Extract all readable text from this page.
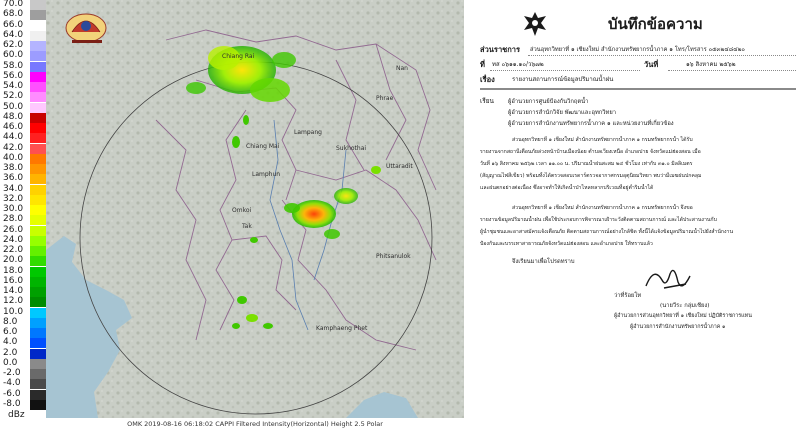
70.0
68.0
66.0
64.0
62.0
60.0
58.0
56.0
54.0
52.0
50.0
48.0
46.0
44.0
42.0
40.0
38.0
36.0
34.0
32.0
30.0
28.0
26.0
24.0
22.0
20.0
18.0
16.0
14.0
12.0
10.0
8.0
6.0
4.0
2.0
0.0
-2.0
-4.0
-6.0
-8.0
dBz
Chiang Rai
Chiang Mai
Lampang
Lamphun
Phrae
Nan
Tak
Uttaradit
Phitsanulok
Sukhothai
Kamphaeng Phet
Omkoi
OMK 2019-08-16 06:18:02 CAPPI Filtered Intensity(Horizontal) Height 2.5 Polar
บันทึกข้อความ
ส่วนราชการ ส่วนอุทกวิทยาที่ ๑ เชียงใหม่ สำนักงานทรัพยากรน้ำภาค ๑ โทร/โทรสาร ๐๕๓๒๔๘๔๒๐
ที่ ทส ๐๖๑๑.๑๐/ว๖๗๒	วันที่	๑๖ สิงหาคม ๒๕๖๒
เรื่อง	รายงานสถานการณ์ข้อมูลปริมาณน้ำฝน
เรียน ผู้อำนวยการศูนย์ป้องกันวิกฤตน้ำ
ผู้อำนวยการสำนักวิจัย พัฒนาและอุทกวิทยา
ผู้อำนวยการสำนักงานทรัพยากรน้ำภาค ๑ และหน่วยงานที่เกี่ยวข้อง
ส่วนอุทกวิทยาที่ ๑ เชียงใหม่ สำนักงานทรัพยากรน้ำภาค ๑ กรมทรัพยากรน้ำ ได้รับ
รายงานจากสถานีเตือนภัยล่วงหน้าบ้านเมืองน้อย ตำบลเวียงเหนือ อำเภอปาย จังหวัดแม่ฮ่องสอน เมื่อ
วันที่ ๑๖ สิงหาคม ๒๕๖๒ เวลา ๑๑.๐๐ น. ปริมาณน้ำฝนสะสม ๒๔ ชั่วโมง เท่ากับ ๓๑.๐ มิลลิเมตร
(สัญญาณไฟสีเขียว) พร้อมทั้งได้ตรวจสอบเรดาร์ตรวจอากาศกรมอุตุนิยมวิทยา พบว่ามีเมฆฝนปกคลุม
และฝนตกอย่างต่อเนื่อง ซึ่งอาจทำให้เกิดน้ำป่าไหลหลากบริเวณที่อยู่ต่ำริมน้ำได้
ส่วนอุทกวิทยาที่ ๑ เชียงใหม่ สำนักงานทรัพยากรน้ำภาค ๑ กรมทรัพยากรน้ำ จึงขอ
รายงานข้อมูลปริมาณน้ำฝน เพื่อใช้ประกอบการพิจารณาเฝ้าระวังติดตามสถานการณ์ และได้ประสานงานกับ
ผู้นำชุมชนและอาสาสมัครแจ้งเตือนภัย ติดตามสถานการณ์อย่างใกล้ชิด ทั้งนี้ได้แจ้งข้อมูลปริมาณน้ำไปยังสำนักงาน
ป้องกันและบรรเทาสาธารณภัยจังหวัดแม่ฮ่องสอน และอำเภอปาย ให้ทราบแล้ว
จึงเรียนมาเพื่อโปรดทราบ
ว่าที่ร้อยโท
(นายวีระ กลุ่มเชียง)
ผู้อำนวยการส่วนอุทกวิทยาที่ ๑ เชียงใหม่ ปฏิบัติราชการแทน
ผู้อำนวยการสำนักงานทรัพยากรน้ำภาค ๑
